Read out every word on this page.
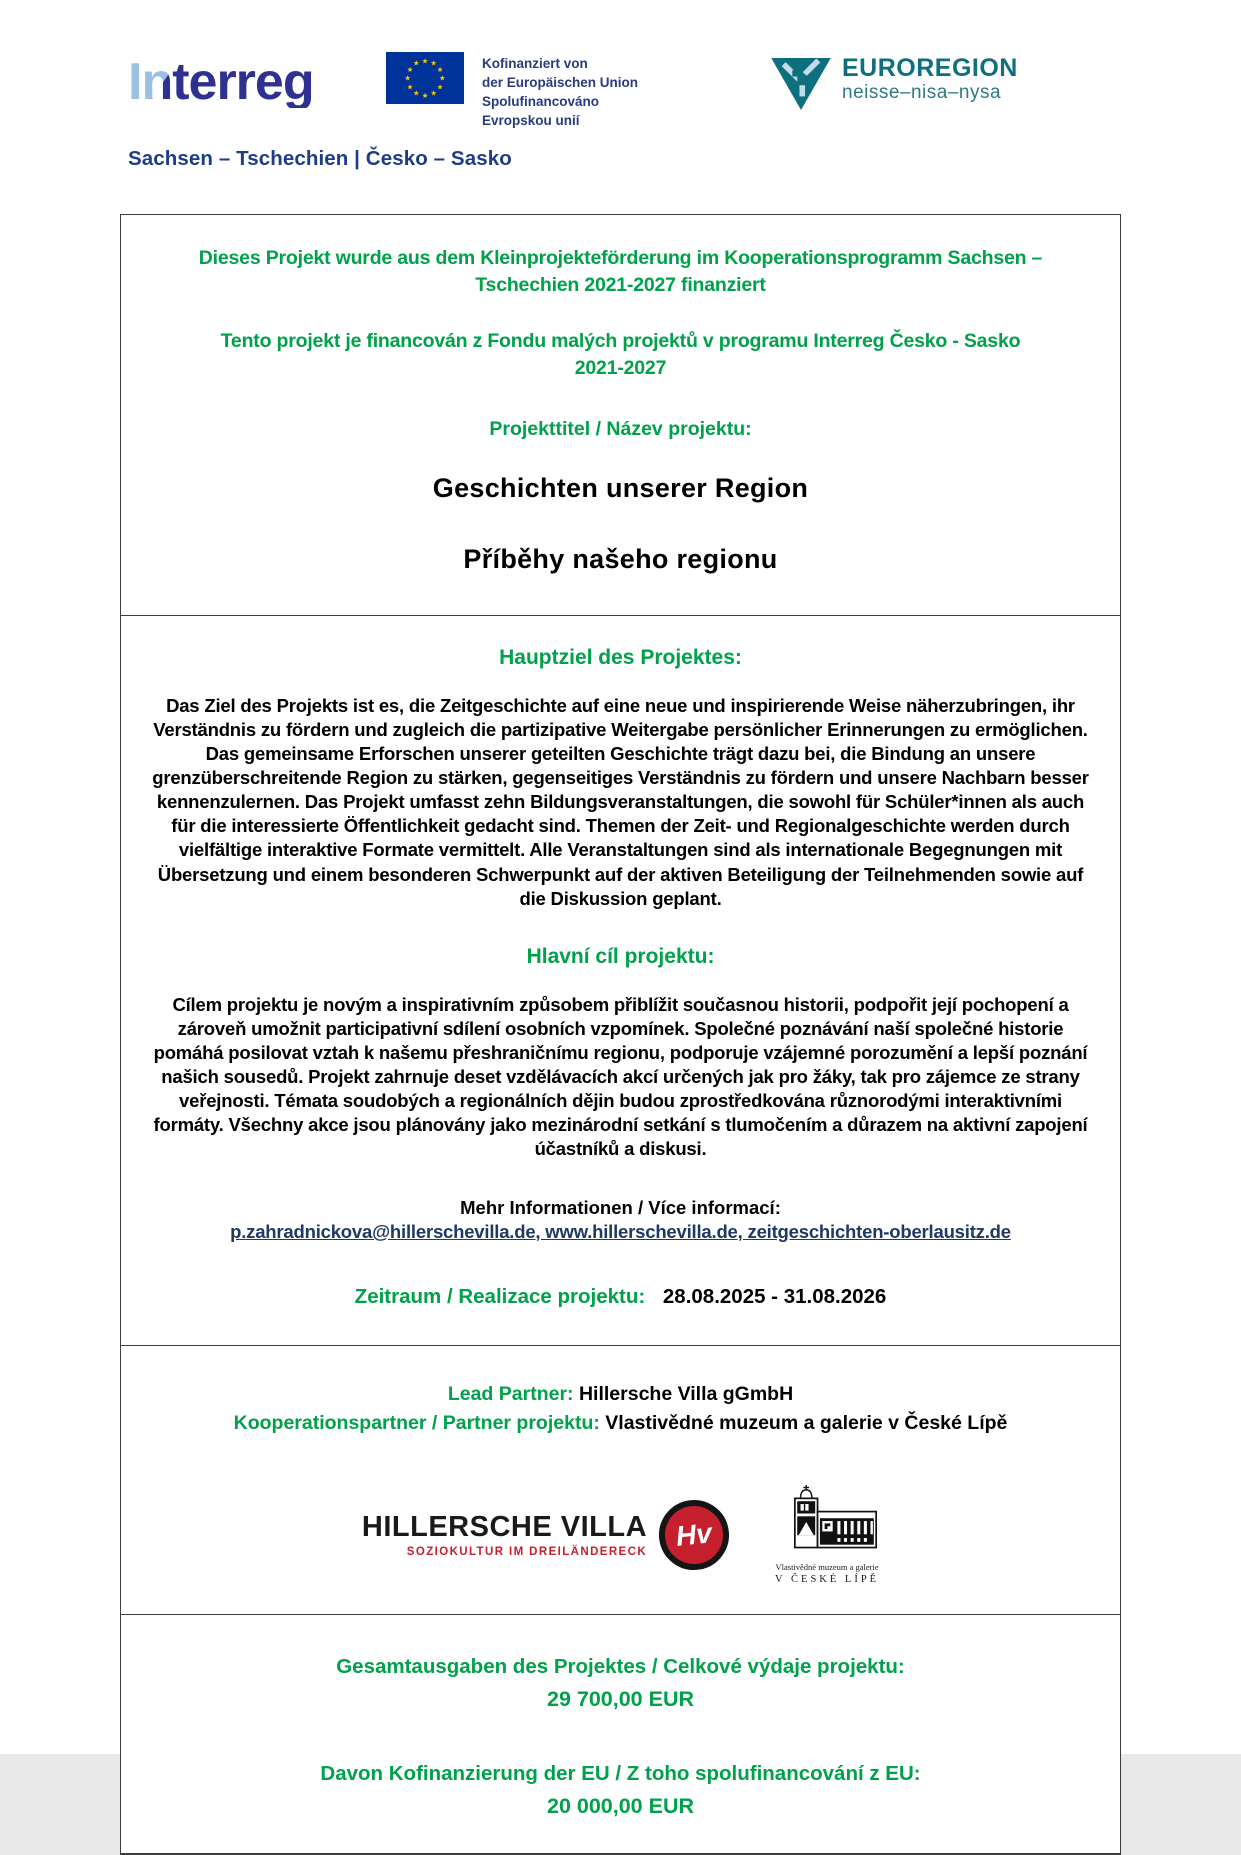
Interreg	★ ★
★
★
★
★
★
★
★
★
★
★	Kofinanziert von
der Europäischen Union
Spolufinancováno
Evropskou unií
EUROREGION
neisse–nisa–nysa
Sachsen – Tschechien | Česko – Sasko

Dieses Projekt wurde aus dem Kleinprojekteförderung im Kooperationsprogramm Sachsen – Tschechien 2021-2027 finanziert

Tento projekt je financován z Fondu malých projektů v programu Interreg Česko - Sasko 2021-2027

Projekttitel / Název projektu:
Geschichten unserer Region
Příběhy našeho regionu
Hauptziel des Projektes:

Das Ziel des Projekts ist es, die Zeitgeschichte auf eine neue und inspirierende Weise näherzubringen, ihr Verständnis zu fördern und zugleich die partizipative Weitergabe persönlicher Erinnerungen zu ermöglichen. Das gemeinsame Erforschen unserer geteilten Geschichte trägt dazu bei, die Bindung an unsere grenzüberschreitende Region zu stärken, gegenseitiges Verständnis zu fördern und unsere Nachbarn besser kennenzulernen. Das Projekt umfasst zehn Bildungsveranstaltungen, die sowohl für Schüler*innen als auch für die interessierte Öffentlichkeit gedacht sind. Themen der Zeit- und Regionalgeschichte werden durch vielfältige interaktive Formate vermittelt. Alle Veranstaltungen sind als internationale Begegnungen mit Übersetzung und einem besonderen Schwerpunkt auf der aktiven Beteiligung der Teilnehmenden sowie auf die Diskussion geplant.

Hlavní cíl projektu:

Cílem projektu je novým a inspirativním způsobem přiblížit současnou historii, podpořit její pochopení a zároveň umožnit participativní sdílení osobních vzpomínek. Společné poznávání naší společné historie pomáhá posilovat vztah k našemu přeshraničnímu regionu, podporuje vzájemné porozumění a lepší poznání našich sousedů. Projekt zahrnuje deset vzdělávacích akcí určených jak pro žáky, tak pro zájemce ze strany veřejnosti. Témata soudobých a regionálních dějin budou zprostředkována různorodými interaktivními formáty. Všechny akce jsou plánovány jako mezinárodní setkání s tlumočením a důrazem na aktivní zapojení účastníků a diskusi.

Mehr Informationen / Více informací:
p.zahradnickova@hillerschevilla.de, www.hillerschevilla.de, zeitgeschichten-oberlausitz.de
Zeitraum / Realizace projektu: 28.08.2025 - 31.08.2026
Lead Partner: Hillersche Villa gGmbH
Kooperationspartner / Partner projektu: Vlastivědné muzeum a galerie v České Lípě
HILLERSCHE VILLA
SOZIOKULTUR IM DREILÄNDERECK Hv
Vlastivědné muzeum a galerie
V ČESKÉ LÍPĚ
Gesamtausgaben des Projektes / Celkové výdaje projektu:
29 700,00 EUR
Davon Kofinanzierung der EU / Z toho spolufinancování z EU:
20 000,00 EUR
